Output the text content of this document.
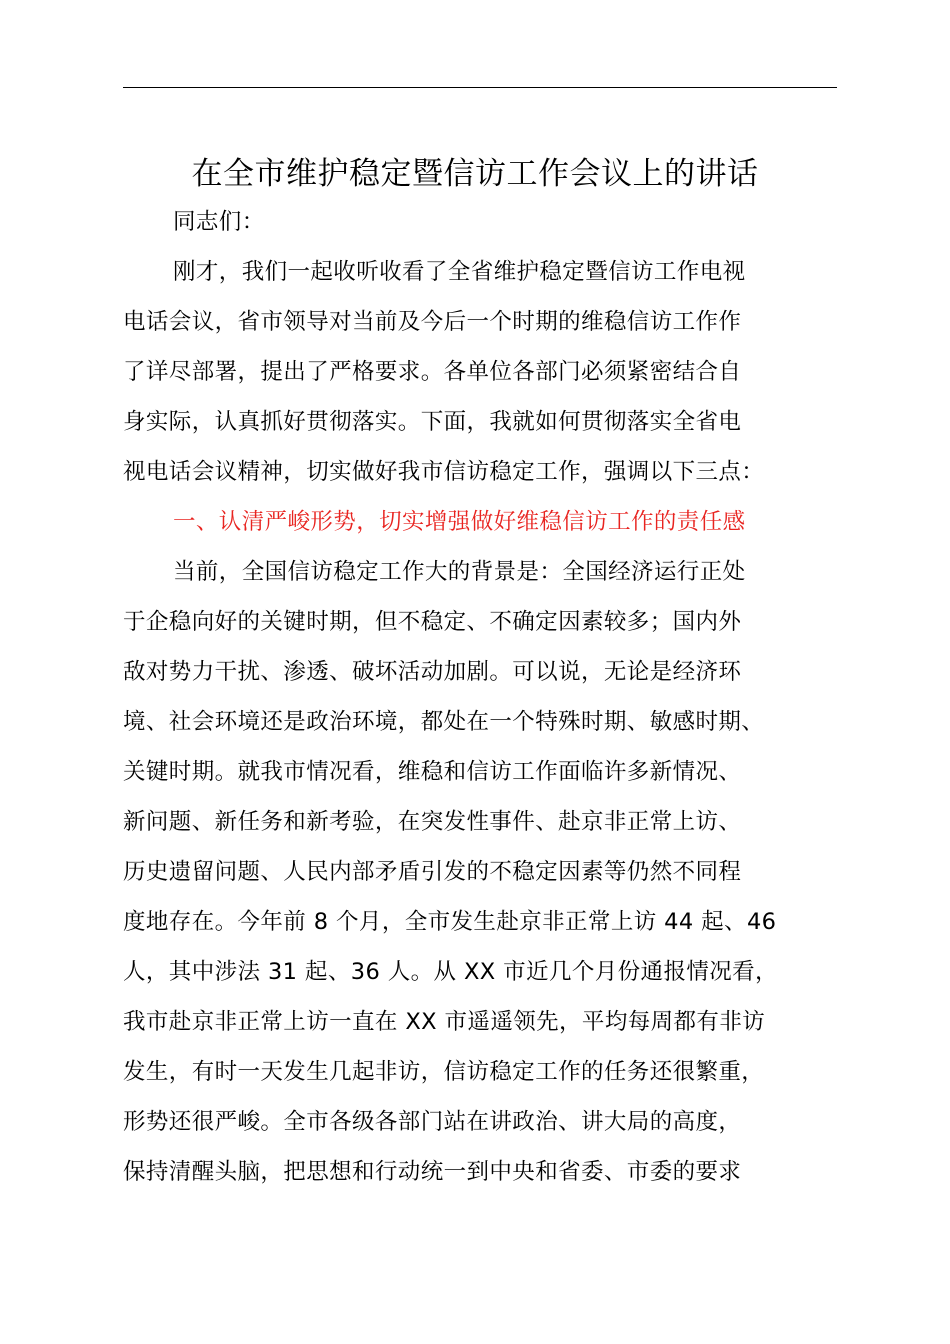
在全市维护稳定暨信访工作会议上的讲话
同志们：
刚才，我们一起收听收看了全省维护稳定暨信访工作电视
电话会议，省市领导对当前及今后一个时期的维稳信访工作作
了详尽部署，提出了严格要求。各单位各部门必须紧密结合自
身实际，认真抓好贯彻落实。下面，我就如何贯彻落实全省电
视电话会议精神，切实做好我市信访稳定工作，强调以下三点：
一、认清严峻形势，切实增强做好维稳信访工作的责任感
当前，全国信访稳定工作大的背景是：全国经济运行正处
于企稳向好的关键时期，但不稳定、不确定因素较多；国内外
敌对势力干扰、渗透、破坏活动加剧。可以说，无论是经济环
境、社会环境还是政治环境，都处在一个特殊时期、敏感时期、
关键时期。就我市情况看，维稳和信访工作面临许多新情况、
新问题、新任务和新考验，在突发性事件、赴京非正常上访、
历史遗留问题、人民内部矛盾引发的不稳定因素等仍然不同程
度地存在。今年前 8 个月，全市发生赴京非正常上访 44 起、46
人，其中涉法 31 起、36 人。从 XX 市近几个月份通报情况看，
我市赴京非正常上访一直在 XX 市遥遥领先，平均每周都有非访
发生，有时一天发生几起非访，信访稳定工作的任务还很繁重，
形势还很严峻。全市各级各部门站在讲政治、讲大局的高度，
保持清醒头脑，把思想和行动统一到中央和省委、市委的要求
